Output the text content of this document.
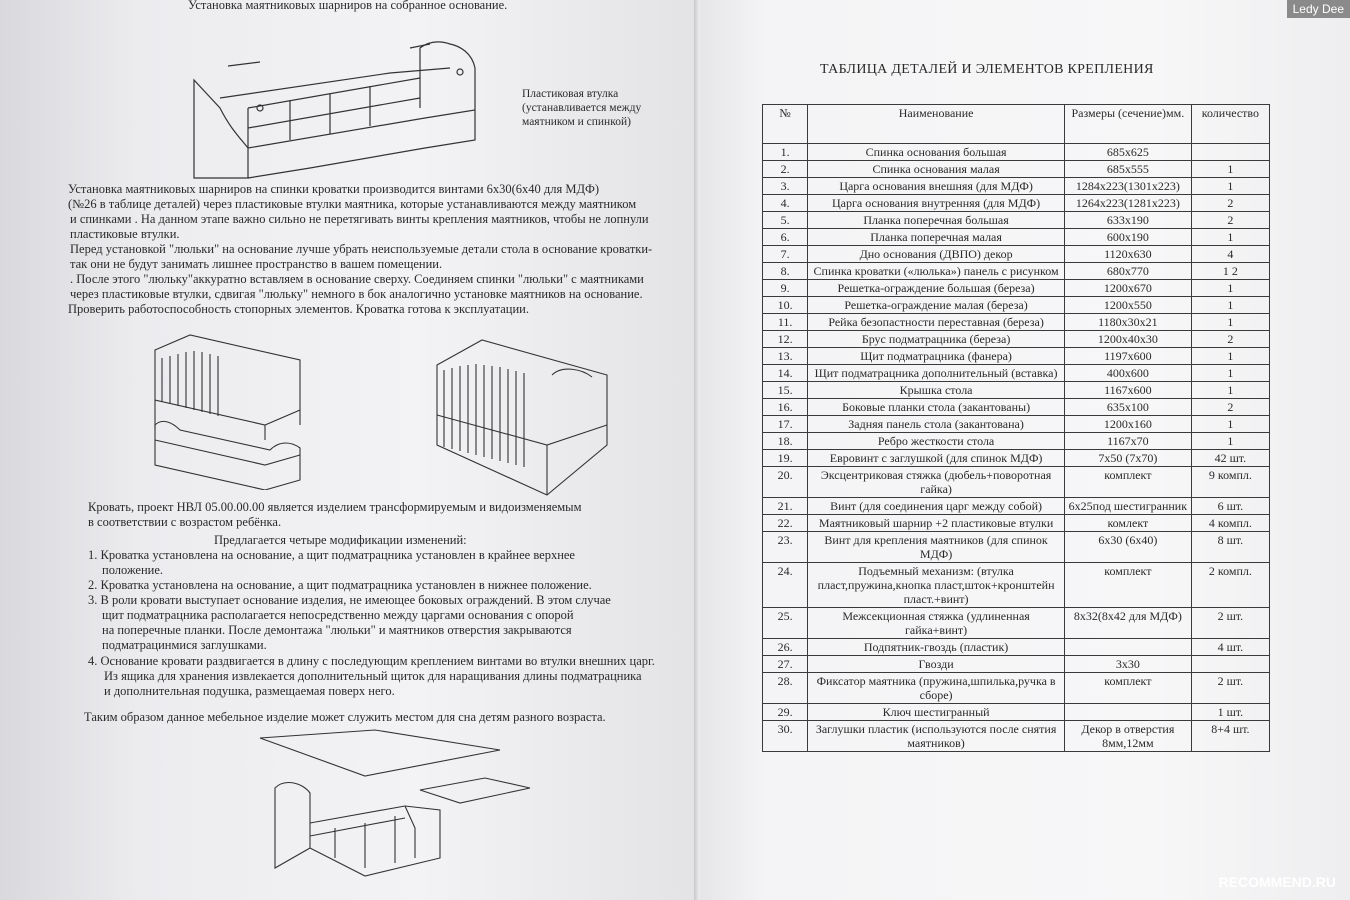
Установка маятниковых шарниров на собранное основание.
Пластиковая втулка
(устанавливается между
маятником и спинкой)
Установка маятниковых шарниров на спинки кроватки производится винтами 6х30(6х40 для МДФ)
(№26 в таблице деталей) через пластиковые втулки маятника, которые устанавливаются между маятником
и спинками . На данном этапе важно сильно не перетягивать винты крепления маятников, чтобы не лопнули
пластиковые втулки.
Перед установкой "люльки" на основание лучше убрать неиспользуемые детали стола в основание кроватки-
так они не будут занимать лишнее пространство в вашем помещении.
. После этого "люльку"аккуратно вставляем в основание сверху. Соединяем спинки "люльки" с маятниками
через пластиковые втулки, сдвигая "люльку" немного в бок аналогично установке маятников на основание.
Проверить работоспособность стопорных элементов. Кроватка готова к эксплуатации.
Кровать, проект НВЛ 05.00.00.00 является изделием трансформируемым и видоизменяемым
в соответствии с возрастом ребёнка.
Предлагается четыре модификации изменений:
1. Кроватка установлена на основание, а щит подматрацника установлен в крайнее верхнее
положение.
2. Кроватка установлена на основание, а щит подматрацника установлен в нижнее положение.
3. В роли кровати выступает основание изделия, не имеющее боковых ограждений. В этом случае
щит подматрацника располагается непосредственно между царгами основания с опорой
на поперечные планки. После демонтажа "люльки" и маятников отверстия закрываются
подматрацинмися заглушками.
4. Основание кровати раздвигается в длину с последующим креплением винтами во втулки внешних царг.
Из ящика для хранения извлекается дополнительный щиток для наращивания длины подматрацника
и дополнительная подушка, размещаемая поверх него.
Таким образом данное мебельное изделие может служить местом для сна детям разного возраста.
ТАБЛИЦА ДЕТАЛЕЙ И ЭЛЕМЕНТОВ КРЕПЛЕНИЯ
№	Наименование	Размеры (сечение)мм.	количество
1.	Спинка основания большая	685х625	
2.	Спинка основания малая	685х555	1
3.	Царга основания внешняя (для МДФ)	1284х223(1301х223)	1
4.	Царга основания внутренняя (для МДФ)	1264х223(1281х223)	2
5.	Планка поперечная большая	633х190	2
6.	Планка поперечная малая	600х190	1
7.	Дно основания (ДВПО) декор	1120х630	4
8.	Спинка кроватки («люлька») панель с рисунком	680х770	1 2
9.	Решетка-ограждение большая (береза)	1200х670	1
10.	Решетка-ограждение малая (береза)	1200х550	1
11.	Рейка безопастности переставная (береза)	1180х30х21	1
12.	Брус подматрацника (береза)	1200х40х30	2
13.	Щит подматрацника (фанера)	1197х600	1
14.	Щит подматрацника дополнительный (вставка)	400х600	1
15.	Крышка стола	1167х600	1
16.	Боковые планки стола (закантованы)	635х100	2
17.	Задняя панель стола (закантована)	1200х160	1
18.	Ребро жесткости стола	1167х70	1
19.	Евровинт с заглушкой (для спинок МДФ)	7х50 (7х70)	42 шт.
20.	Эксцентриковая стяжка (дюбель+поворотная гайка)	комплект	9 компл.
21.	Винт (для соединения царг между собой)	6х25под шестигранник	6 шт.
22.	Маятниковый шарнир +2 пластиковые втулки	комлект	4 компл.
23.	Винт для крепления маятников (для спинок МДФ)	6х30 (6х40)	8 шт.
24.	Подъемный механизм: (втулка пласт,пружина,кнопка пласт,шток+кронштейн пласт.+винт)	комплект	2 компл.
25.	Межсекционная стяжка (удлиненная гайка+винт)	8х32(8х42 для МДФ)	2 шт.
26.	Подпятник-гвоздь (пластик)		4 шт.
27.	Гвозди	3х30	
28.	Фиксатор маятника (пружина,шпилька,ручка в сборе)	комплект	2 шт.
29.	Ключ шестигранный		1 шт.
30.	Заглушки пластик (используются после снятия маятников)	Декор в отверстия 8мм,12мм	8+4 шт.
Ledy Dee
RECOMMEND.RU
